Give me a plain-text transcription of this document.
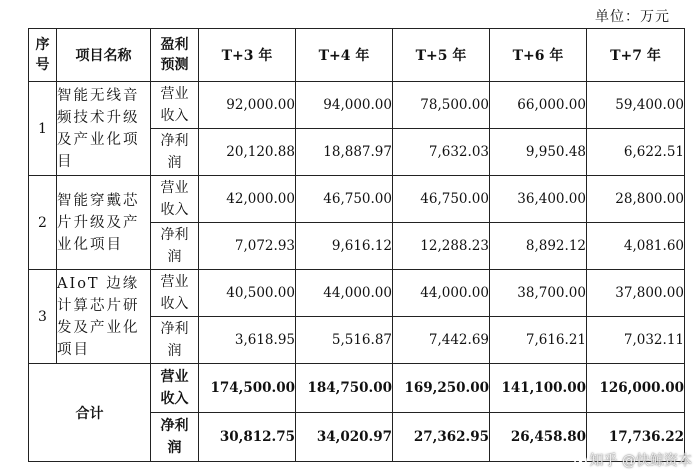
单位：万元
序号	项目名称	盈利预测	T+3 年	T+4 年	T+5 年	T+6 年	T+7 年
1	智能无线音频技术升级及产业化项目	营业收入	92,000.00	94,000.00	78,500.00	66,000.00	59,400.00
		净利润	20,120.88	18,887.97	7,632.03	9,950.48	6,622.51
2	智能穿戴芯片升级及产业化项目	营业收入	42,000.00	46,750.00	46,750.00	36,400.00	28,800.00
		净利润	7,072.93	9,616.12	12,288.23	8,892.12	4,081.60
3	AIoT 边缘计算芯片研发及产业化项目	营业收入	40,500.00	44,000.00	44,000.00	38,700.00	37,800.00
		净利润	3,618.95	5,516.87	7,442.69	7,616.21	7,032.11
合计		营业收入	174,500.00	184,750.00	169,250.00	141,100.00	126,000.00
		净利润	30,812.75	34,020.97	27,362.95	26,458.80	17,736.22
知乎 @快鲸资本
